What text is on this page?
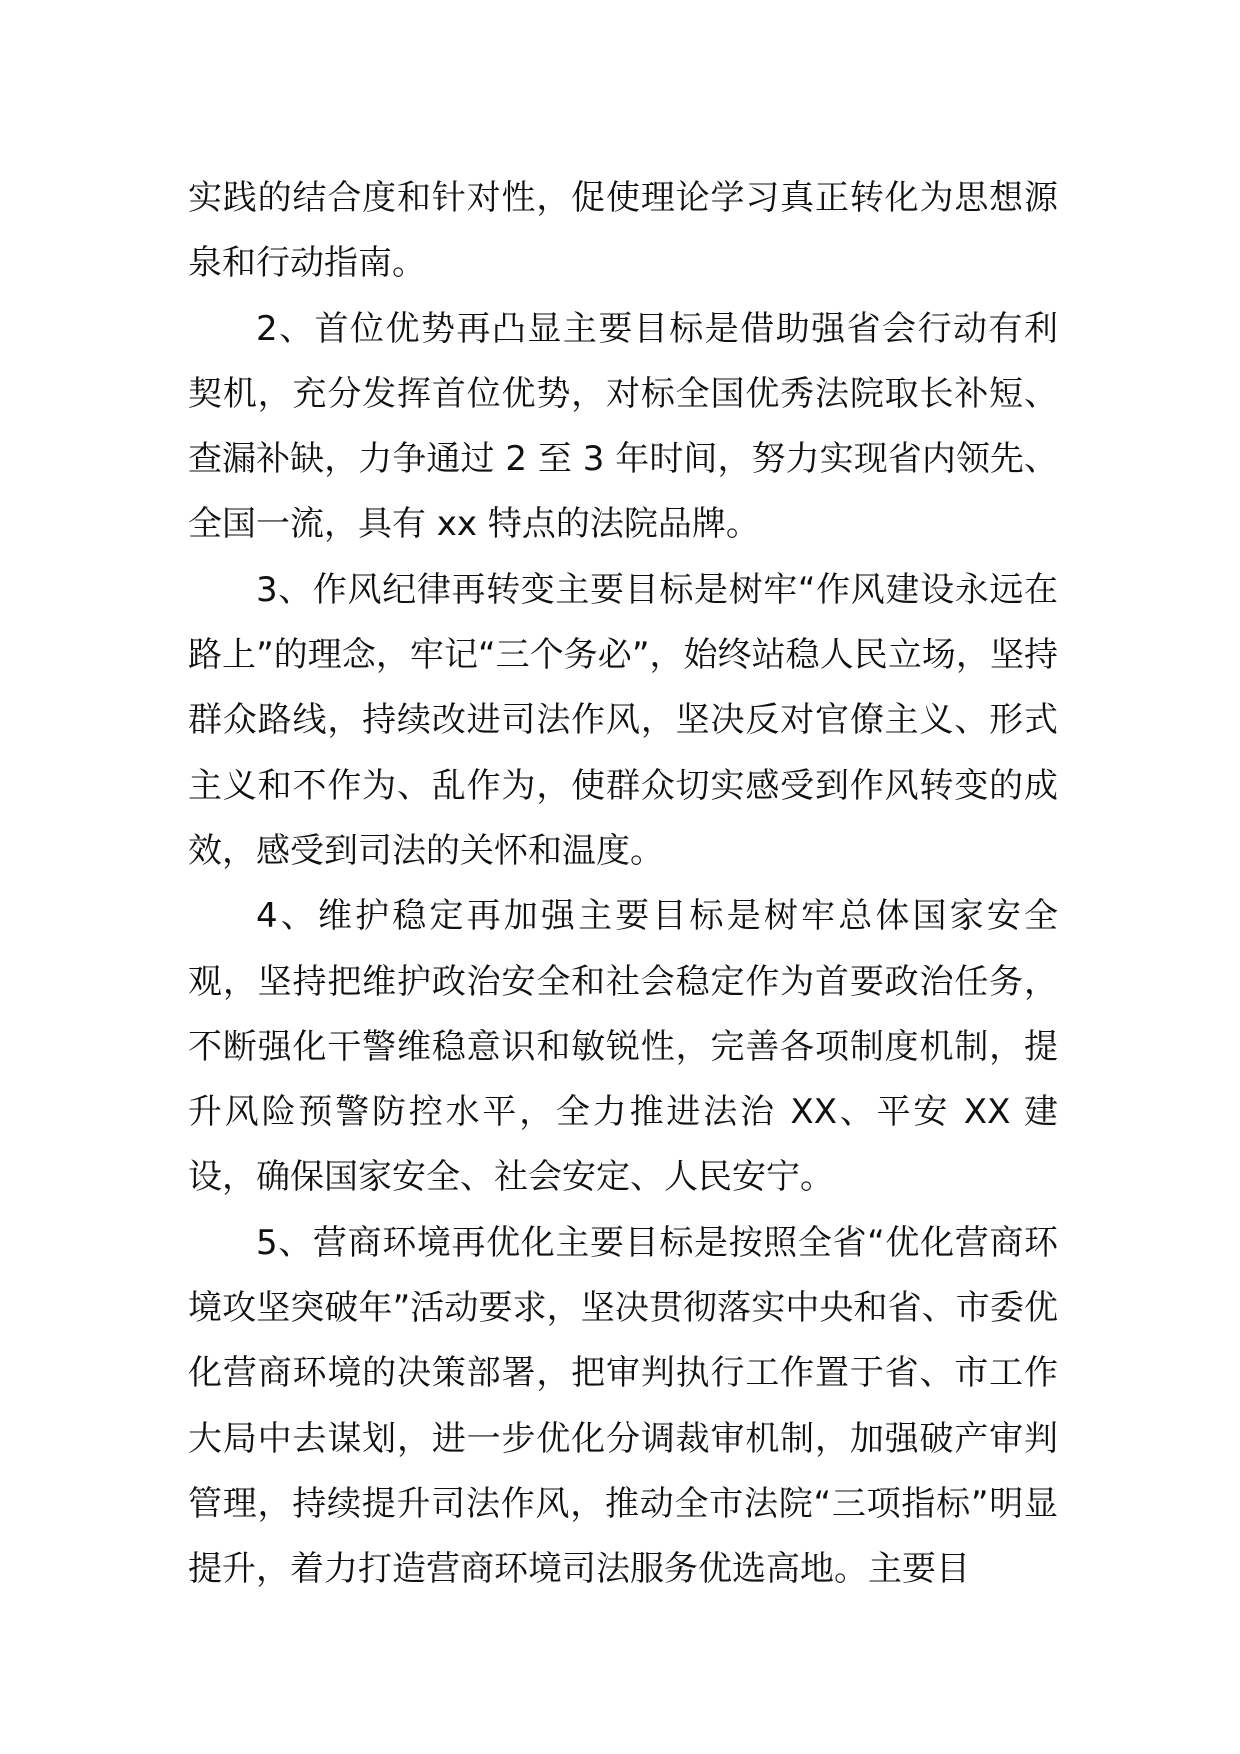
实践的结合度和针对性，促使理论学习真正转化为思想源泉和行动指南。

2、首位优势再凸显主要目标是借助强省会行动有利契机，充分发挥首位优势，对标全国优秀法院取长补短、查漏补缺，力争通过 2 至 3 年时间，努力实现省内领先、全国一流，具有 xx 特点的法院品牌。

3、作风纪律再转变主要目标是树牢“作风建设永远在路上”的理念，牢记“三个务必”，始终站稳人民立场，坚持群众路线，持续改进司法作风，坚决反对官僚主义、形式主义和不作为、乱作为，使群众切实感受到作风转变的成效，感受到司法的关怀和温度。

4、维护稳定再加强主要目标是树牢总体国家安全观，坚持把维护政治安全和社会稳定作为首要政治任务，不断强化干警维稳意识和敏锐性，完善各项制度机制，提升风险预警防控水平，全力推进法治 XX、平安 XX 建设，确保国家安全、社会安定、人民安宁。

5、营商环境再优化主要目标是按照全省“优化营商环境攻坚突破年”活动要求，坚决贯彻落实中央和省、市委优化营商环境的决策部署，把审判执行工作置于省、市工作大局中去谋划，进一步优化分调裁审机制，加强破产审判管理，持续提升司法作风，推动全市法院“三项指标”明显提升，着力打造营商环境司法服务优选高地。主要目
